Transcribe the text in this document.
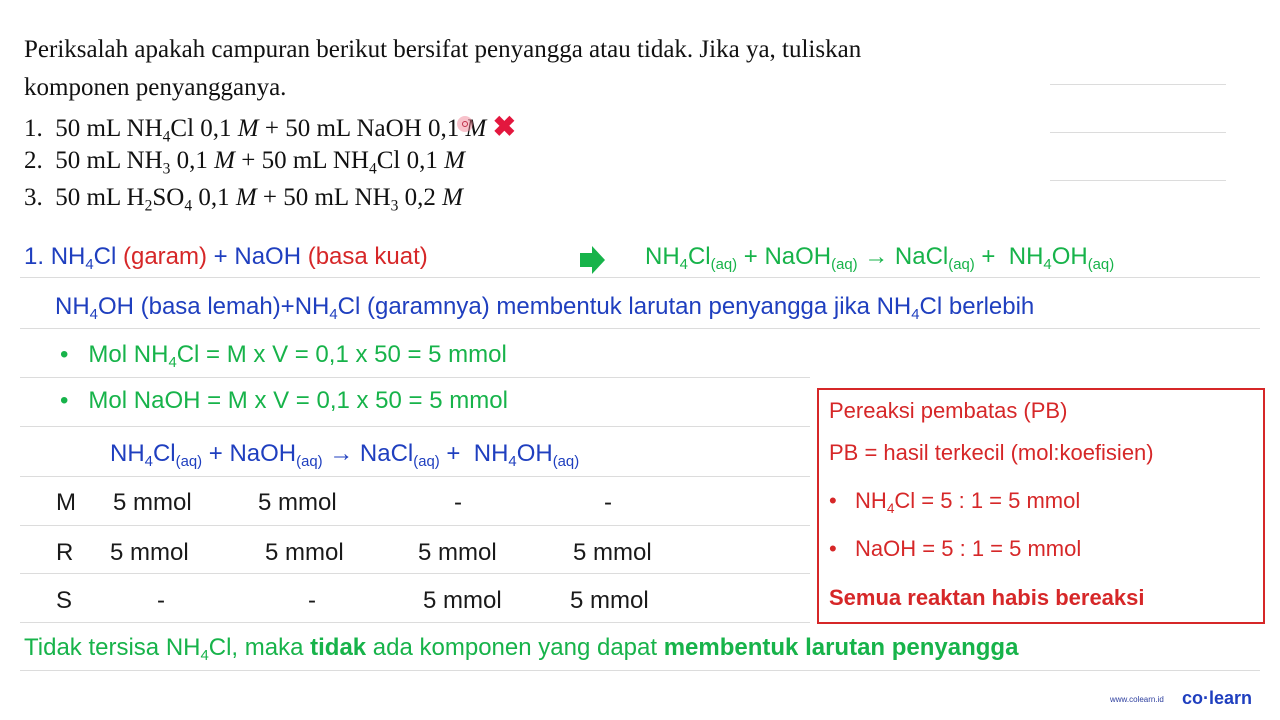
Periksalah apakah campuran berikut bersifat penyangga atau tidak. Jika ya, tuliskan
komponen penyangganya.
1. 50 mL $NH_4Cl$ 0,1 M + 50 mL NaOH 0,1 M ✖
2. 50 mL $NH_3$ 0,1 M + 50 mL $NH_4Cl$ 0,1 M
3. 50 mL $H_2SO_4$ 0,1 M + 50 mL $NH_3$ 0,2 M
1. $NH_4Cl$ (garam) + NaOH (basa kuat)	$NH_4Cl_{(aq)}$ + NaOH$_{(aq)}$ → NaCl$_{(aq)}$ +  $NH_4OH_{(aq)}$
$NH_4OH$ (basa $lemah)+NH_4Cl$ (garamnya) membentuk larutan penyangga jika $NH_4Cl$ berlebih
• Mol $NH_4Cl = M$ x V = 0,1 x 50 = 5 mmol
• Mol NaOH = M x V = 0,1 x 50 = 5 mmol
$NH_4Cl_{(aq)}$ + NaOH$_{(aq)}$ → NaCl$_{(aq)}$ +  $NH_4OH_{(aq)}$
M 5 mmol	5 mmol	-	-
R 5 mmol	5 mmol	5 mmol	5 mmol
S	-	-	5 mmol	5 mmol
Pereaksi pembatas (PB)
PB = hasil terkecil (mol:koefisien)
• $NH_4Cl = 5$ : 1 = 5 mmol
• NaOH = 5 : 1 = 5 mmol
Semua reaktan habis bereaksi
Tidak tersisa $NH_4Cl$, maka tidak ada komponen yang dapat membentuk larutan penyangga
www.colearn.id co·learn
